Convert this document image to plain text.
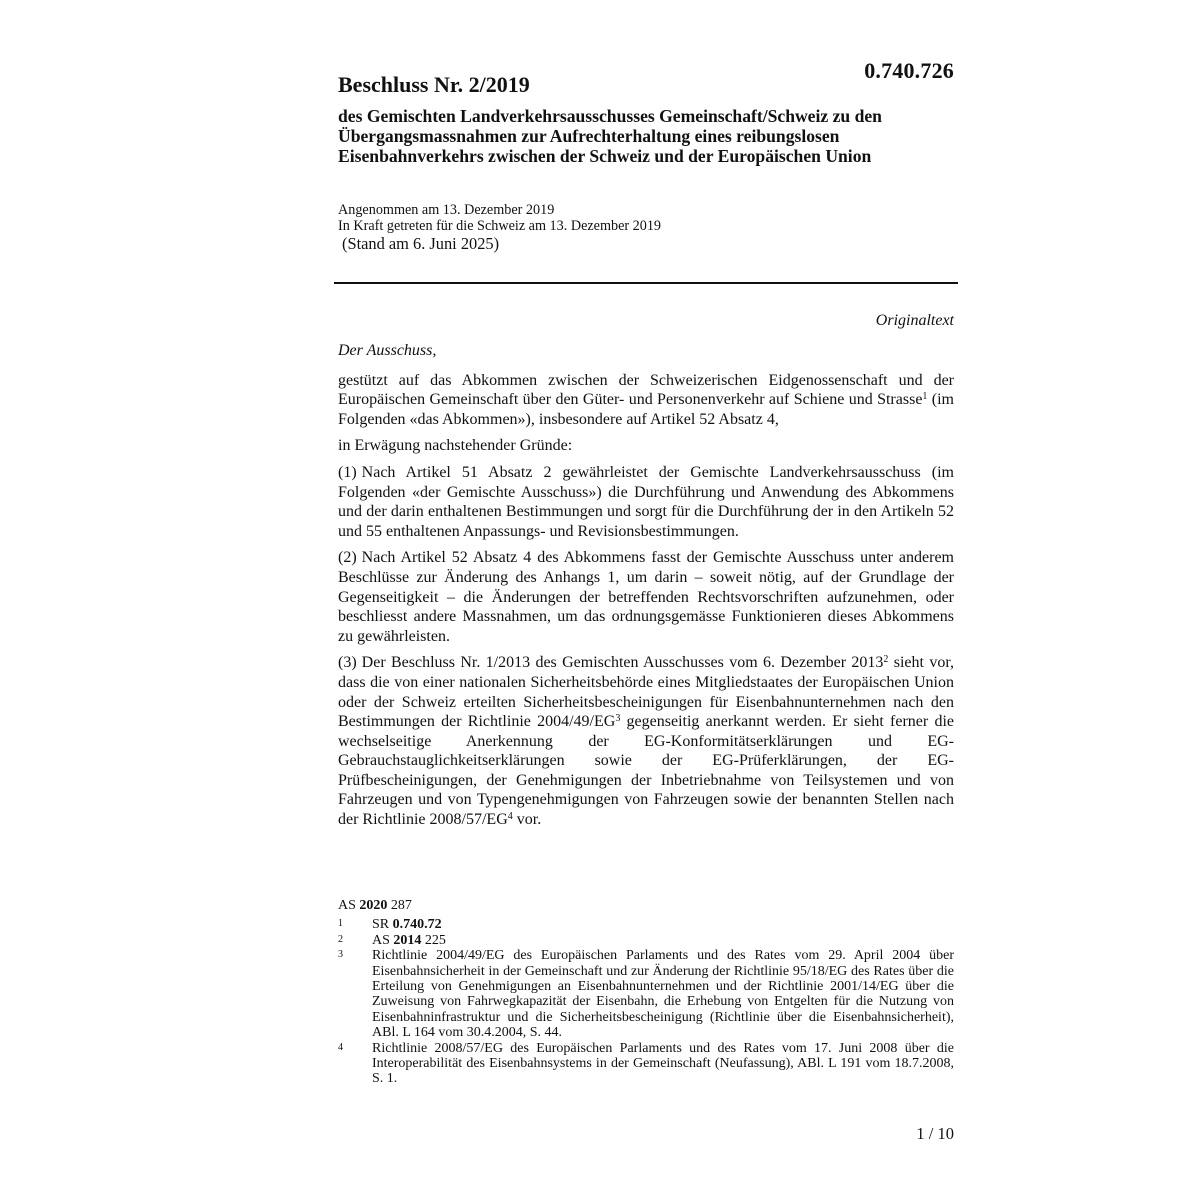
0.740.726
Beschluss Nr. 2/2019
des Gemischten Landverkehrsausschusses Gemeinschaft/Schweiz zu den Übergangsmassnahmen zur Aufrechterhaltung eines reibungslosen Eisenbahnverkehrs zwischen der Schweiz und der Europäischen Union
Angenommen am 13. Dezember 2019
In Kraft getreten für die Schweiz am 13. Dezember 2019
(Stand am 6. Juni 2025)
Originaltext

Der Ausschuss,

gestützt auf das Abkommen zwischen der Schweizerischen Eidgenossenschaft und der Europäischen Gemeinschaft über den Güter- und Personenverkehr auf Schiene und Strasse$^1$ (im Folgenden «das Abkommen»), insbesondere auf Artikel 52 Absatz 4,

in Erwägung nachstehender Gründe:

(1) Nach Artikel 51 Absatz 2 gewährleistet der Gemischte Landverkehrsausschuss (im Folgenden «der Gemischte Ausschuss») die Durchführung und Anwendung des Abkommens und der darin enthaltenen Bestimmungen und sorgt für die Durchführung der in den Artikeln 52 und 55 enthaltenen Anpassungs- und Revisionsbestimmungen.

(2) Nach Artikel 52 Absatz 4 des Abkommens fasst der Gemischte Ausschuss unter anderem Beschlüsse zur Änderung des Anhangs 1, um darin – soweit nötig, auf der Grundlage der Gegenseitigkeit – die Änderungen der betreffenden Rechtsvorschriften aufzunehmen, oder beschliesst andere Massnahmen, um das ordnungsgemässe Funktionieren dieses Abkommens zu gewährleisten.

(3) Der Beschluss Nr. 1/2013 des Gemischten Ausschusses vom 6. Dezember 2013$^2$ sieht vor, dass die von einer nationalen Sicherheitsbehörde eines Mitgliedstaates der Europäischen Union oder der Schweiz erteilten Sicherheitsbescheinigungen für Eisenbahnunternehmen nach den Bestimmungen der Richtlinie $2004/49/EG^3$ gegenseitig anerkannt werden. Er sieht ferner die wechselseitige Anerkennung der EG-Konformitätserklärungen und EG-Gebrauchstauglichkeitserklärungen sowie der EG-Prüferklärungen, der EG-Prüfbescheinigungen, der Genehmigungen der Inbetriebnahme von Teilsystemen und von Fahrzeugen und von Typengenehmigungen von Fahrzeugen sowie der benannten Stellen nach der Richtlinie $2008/57/EG^4$ vor.

AS 2020 287
1	SR 0.740.72
2	AS 2014 225
3	Richtlinie 2004/49/EG des Europäischen Parlaments und des Rates vom 29. April 2004 über Eisenbahnsicherheit in der Gemeinschaft und zur Änderung der Richtlinie 95/18/EG des Rates über die Erteilung von Genehmigungen an Eisenbahnunternehmen und der Richtlinie 2001/14/EG über die Zuweisung von Fahrwegkapazität der Eisenbahn, die Erhebung von Entgelten für die Nutzung von Eisenbahninfrastruktur und die Sicherheitsbescheinigung (Richtlinie über die Eisenbahnsicherheit), ABl. L 164 vom 30.4.2004, S. 44.
4	Richtlinie 2008/57/EG des Europäischen Parlaments und des Rates vom 17. Juni 2008 über die Interoperabilität des Eisenbahnsystems in der Gemeinschaft (Neufassung), ABl. L 191 vom 18.7.2008, S. 1.
1 / 10
